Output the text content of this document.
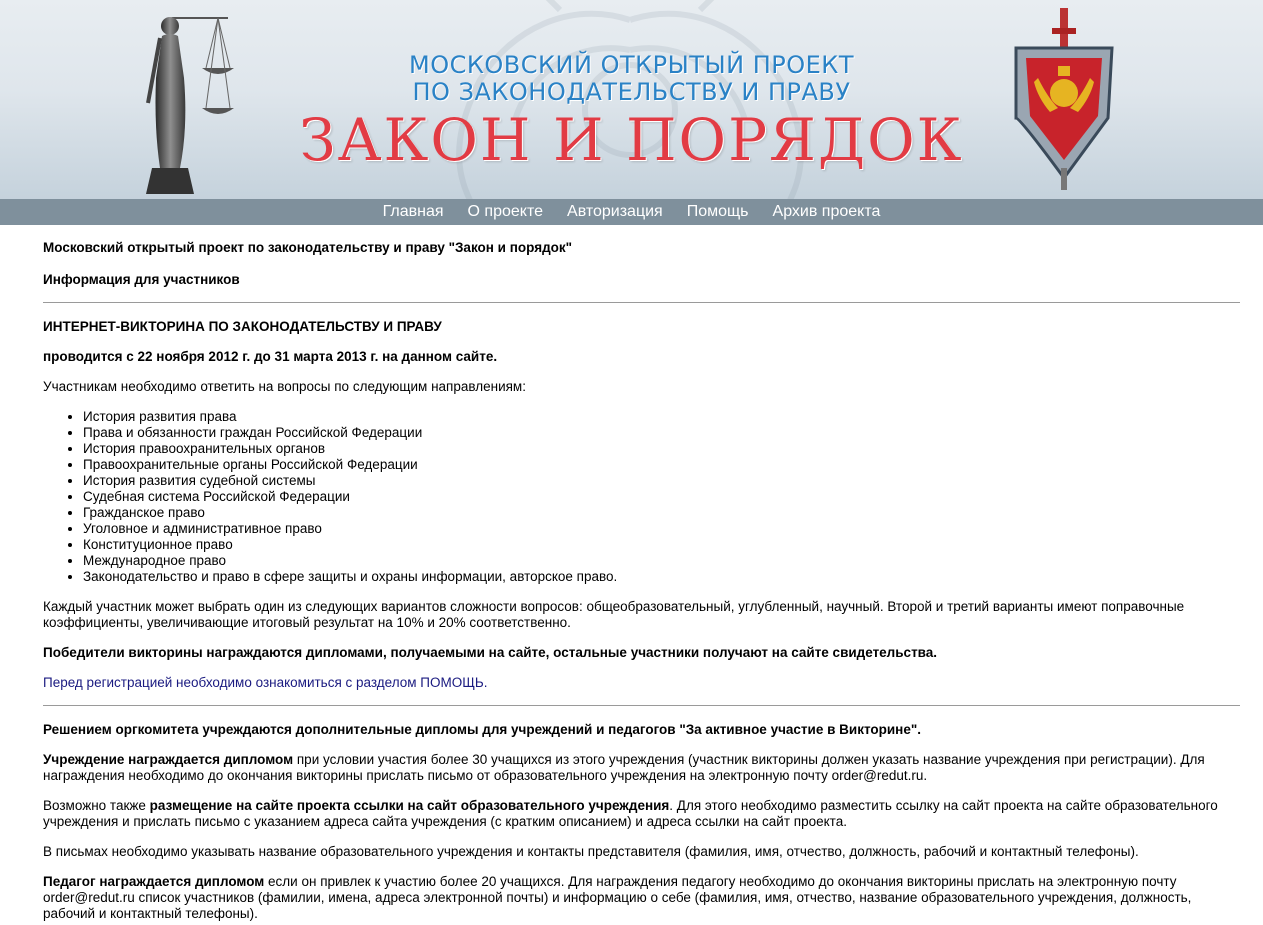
МОСКОВСКИЙ ОТКРЫТЫЙ ПРОЕКТ
ПО ЗАКОНОДАТЕЛЬСТВУ И ПРАВУ
ЗАКОН И ПОРЯДОК
Главная О проекте Авторизация Помощь Архив проекта

Московский открытый проект по законодательству и праву "Закон и порядок"

Информация для участников

ИНТЕРНЕТ-ВИКТОРИНА ПО ЗАКОНОДАТЕЛЬСТВУ И ПРАВУ

проводится с 22 ноября 2012 г. до 31 марта 2013 г. на данном сайте.

Участникам необходимо ответить на вопросы по следующим направлениям:

• История развития права
• Права и обязанности граждан Российской Федерации
• История правоохранительных органов
• Правоохранительные органы Российской Федерации
• История развития судебной системы
• Судебная система Российской Федерации
• Гражданское право
• Уголовное и административное право
• Конституционное право
• Международное право
• Законодательство и право в сфере защиты и охраны информации, авторское право.

Каждый участник может выбрать один из следующих вариантов сложности вопросов: общеобразовательный, углубленный, научный. Второй и третий варианты имеют поправочные коэффициенты, увеличивающие итоговый результат на 10% и 20% соответственно.

Победители викторины награждаются дипломами, получаемыми на сайте, остальные участники получают на сайте свидетельства.

Перед регистрацией необходимо ознакомиться с разделом ПОМОЩЬ.

Решением оргкомитета учреждаются дополнительные дипломы для учреждений и педагогов "За активное участие в Викторине".

Учреждение награждается дипломом при условии участия более 30 учащихся из этого учреждения (участник викторины должен указать название учреждения при регистрации). Для награждения необходимо до окончания викторины прислать письмо от образовательного учреждения на электронную почту order@redut.ru.

Возможно также размещение на сайте проекта ссылки на сайт образовательного учреждения. Для этого необходимо разместить ссылку на сайт проекта на сайте образовательного учреждения и прислать письмо с указанием адреса сайта учреждения (с кратким описанием) и адреса ссылки на сайт проекта.

В письмах необходимо указывать название образовательного учреждения и контакты представителя (фамилия, имя, отчество, должность, рабочий и контактный телефоны).

Педагог награждается дипломом если он привлек к участию более 20 учащихся. Для награждения педагогу необходимо до окончания викторины прислать на электронную почту order@redut.ru список участников (фамилии, имена, адреса электронной почты) и информацию о себе (фамилия, имя, отчество, название образовательного учреждения, должность, рабочий и контактный телефоны).
